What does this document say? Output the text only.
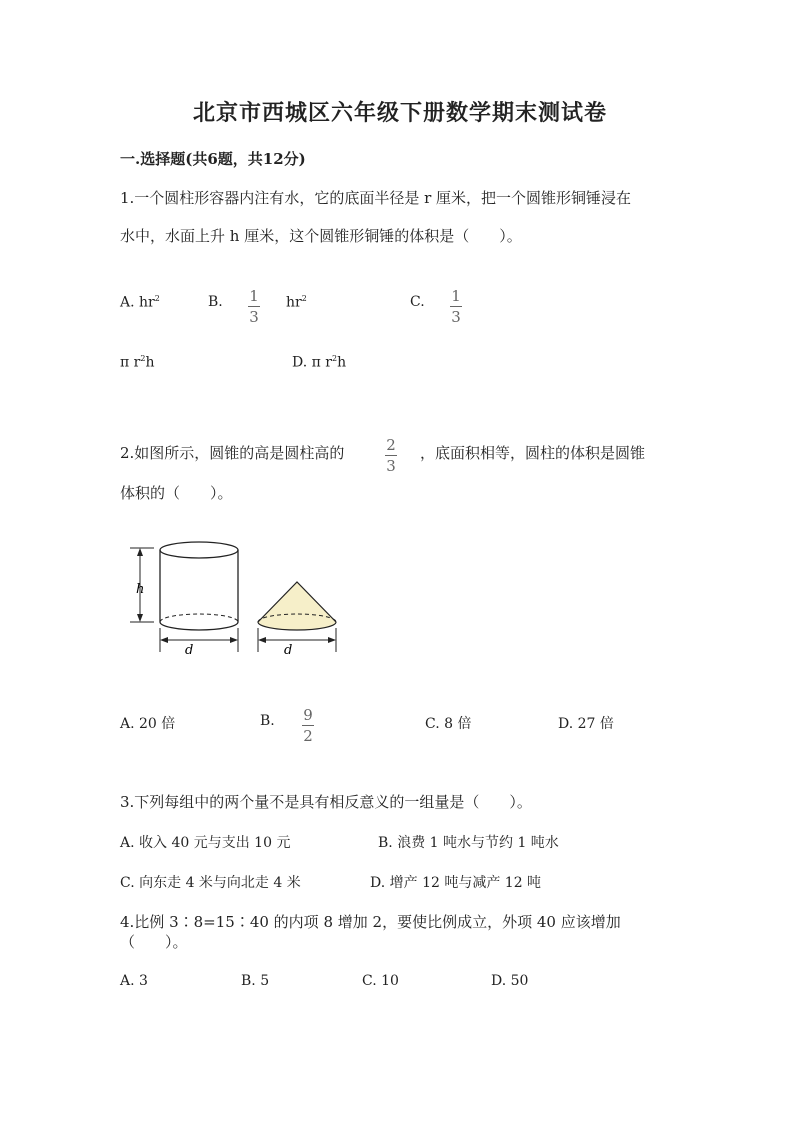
北京市西城区六年级下册数学期末测试卷
一.选择题(共6题，共12分)
1.一个圆柱形容器内注有水，它的底面半径是 r 厘米，把一个圆锥形铜锤浸在
水中，水面上升 h 厘米，这个圆锥形铜锤的体积是（　　）。
A. $hr^2$	B. 1
3
$hr^2$	C. 1
3
π $r^2h$	D. π $r^2h$
2.如图所示，圆锥的高是圆柱高的	2
3
，底面积相等，圆柱的体积是圆锥
体积的（　　）。
h
d	d
A. 20 倍	B. 9
2
C. 8 倍	D. 27 倍
3.下列每组中的两个量不是具有相反意义的一组量是（　　）。
A. 收入 40 元与支出 10 元	B. 浪费 1 吨水与节约 1 吨水
C. 向东走 4 米与向北走 4 米	D. 增产 12 吨与减产 12 吨
4.比例 3∶8=15∶40 的内项 8 增加 2，要使比例成立，外项 40 应该增加
（　　）。
A. 3	B. 5	C. 10	D. 50
